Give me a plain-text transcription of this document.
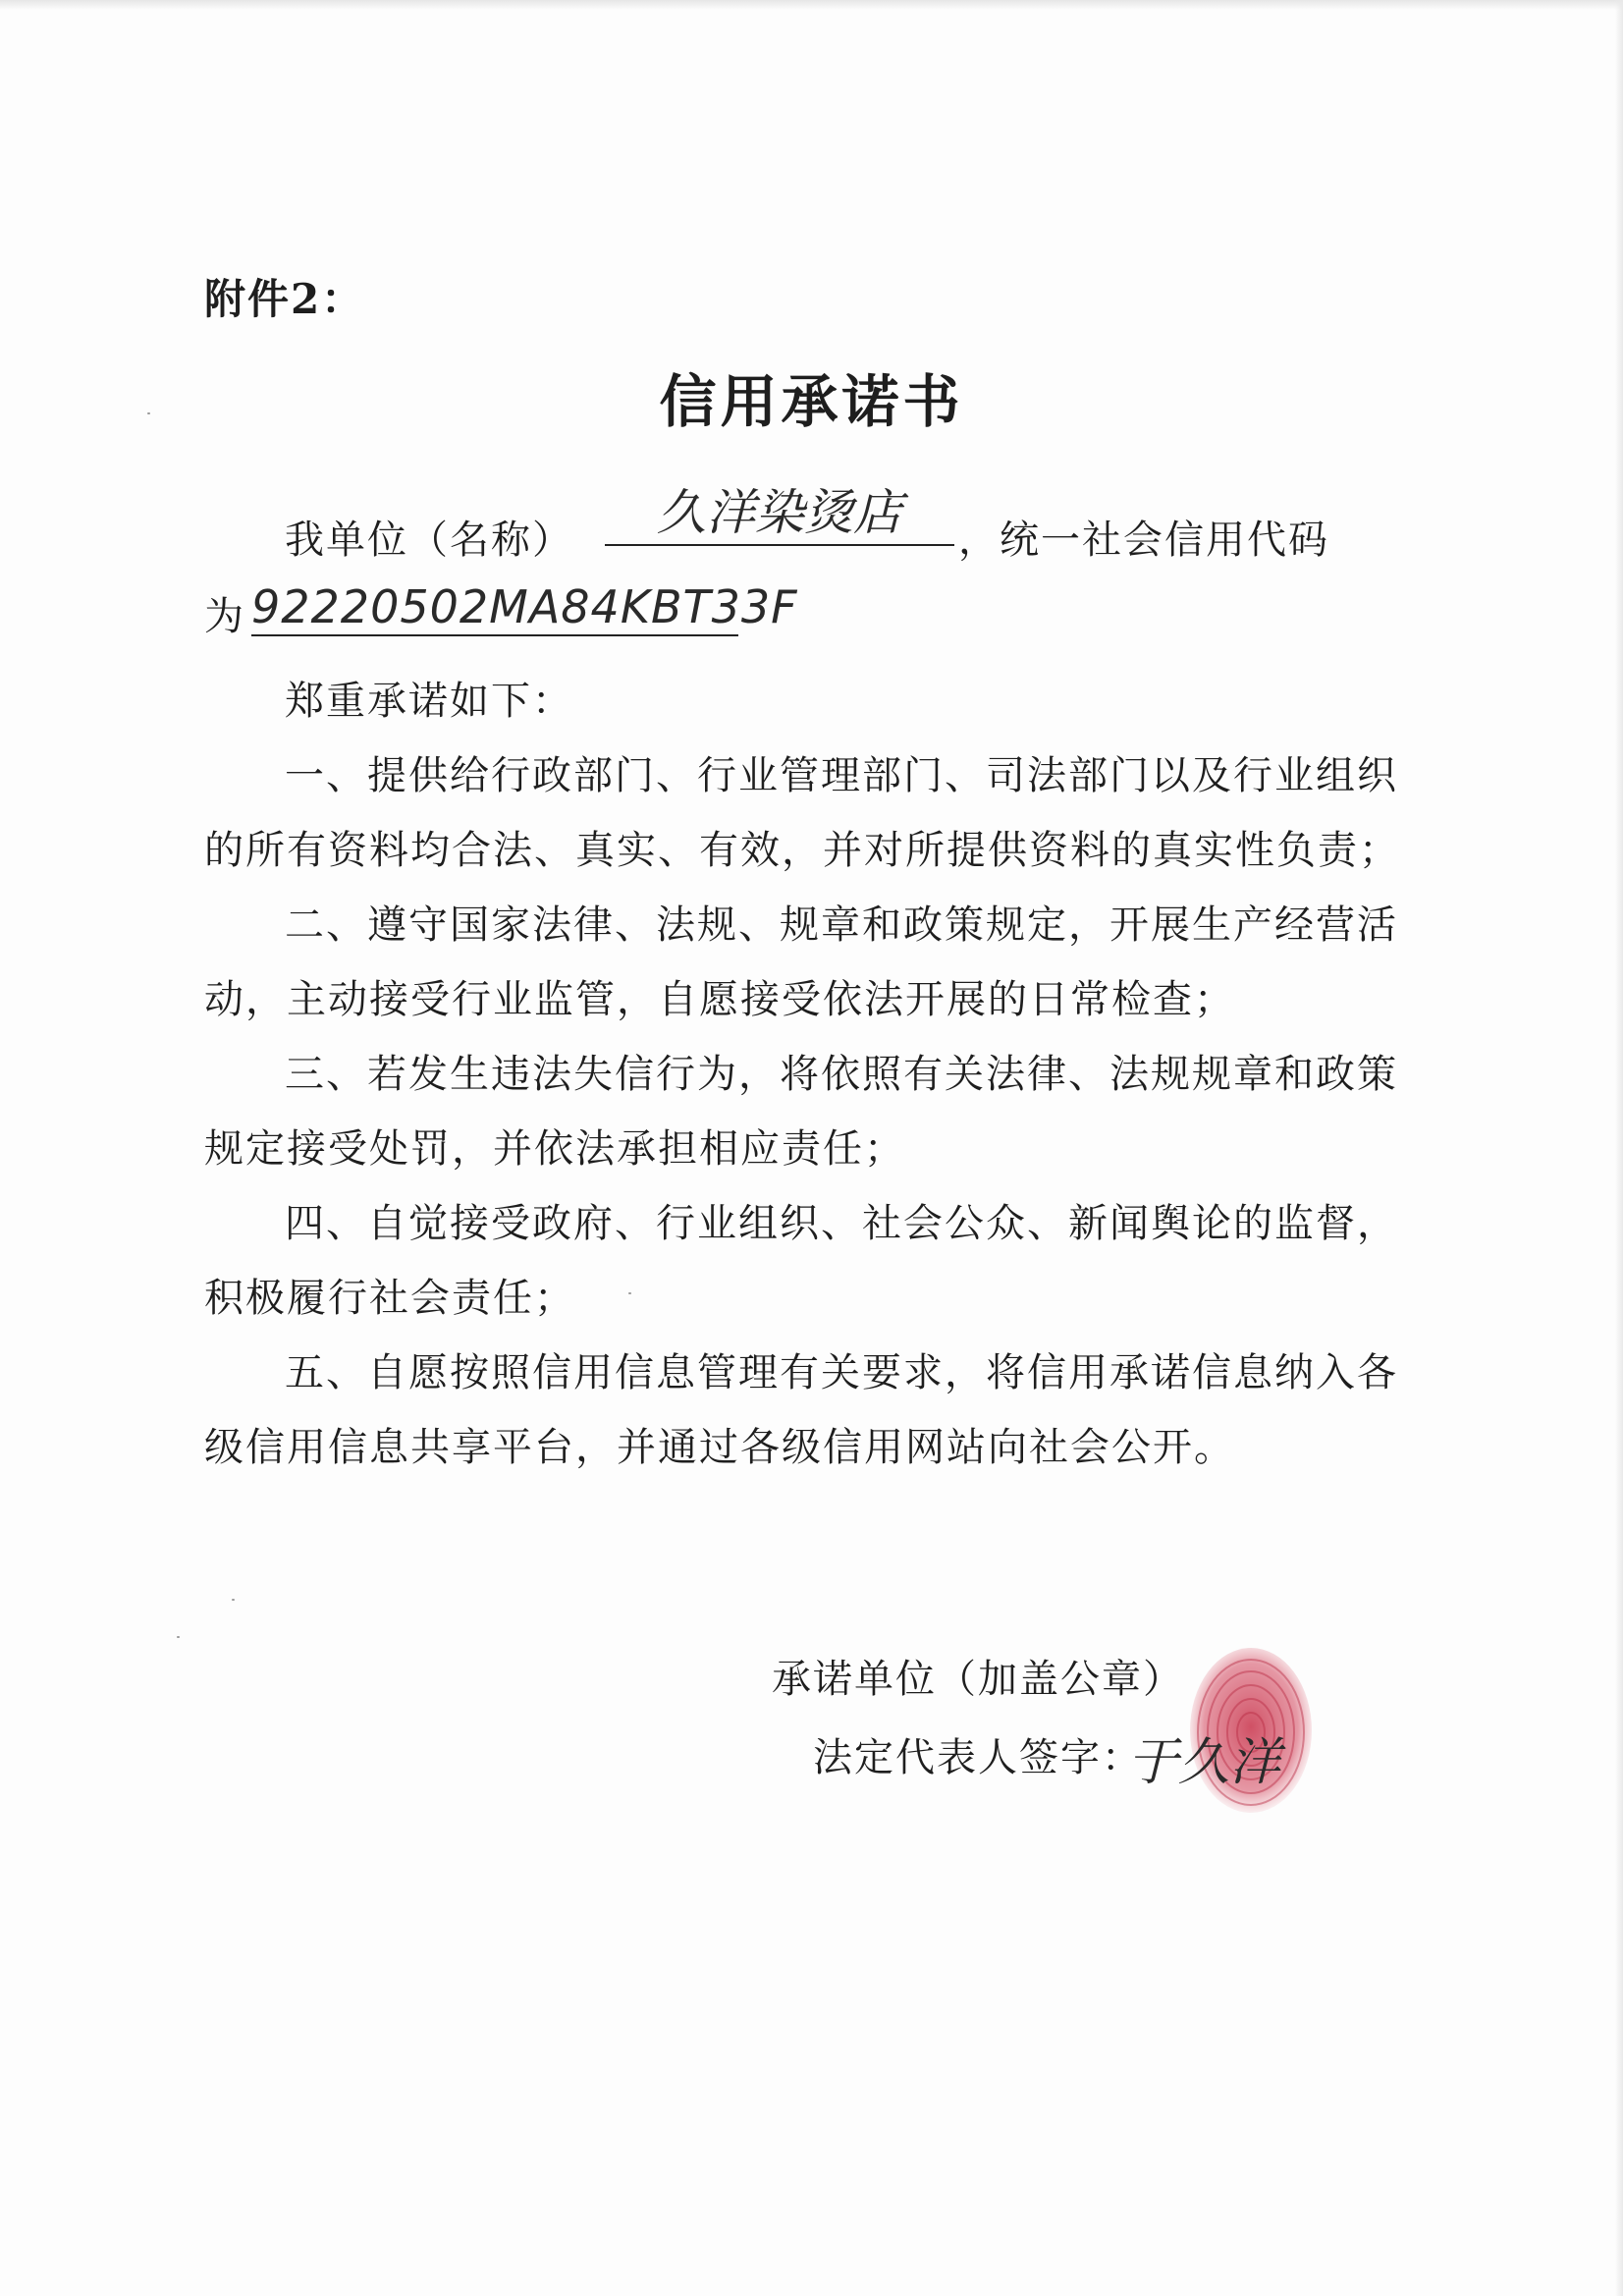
附件2：
信用承诺书
我单位（名称）	久洋染烫店	，统一社会信用代码
为 92220502MA84KBT33F
郑重承诺如下：
一、提供给行政部门、行业管理部门、司法部门以及行业组织
的所有资料均合法、真实、有效，并对所提供资料的真实性负责；
二、遵守国家法律、法规、规章和政策规定，开展生产经营活
动，主动接受行业监管，自愿接受依法开展的日常检查；
三、若发生违法失信行为，将依照有关法律、法规规章和政策
规定接受处罚，并依法承担相应责任；
四、自觉接受政府、行业组织、社会公众、新闻舆论的监督，
积极履行社会责任；
五、自愿按照信用信息管理有关要求，将信用承诺信息纳入各
级信用信息共享平台，并通过各级信用网站向社会公开。
承诺单位（加盖公章）
法定代表人签字：
于久洋
